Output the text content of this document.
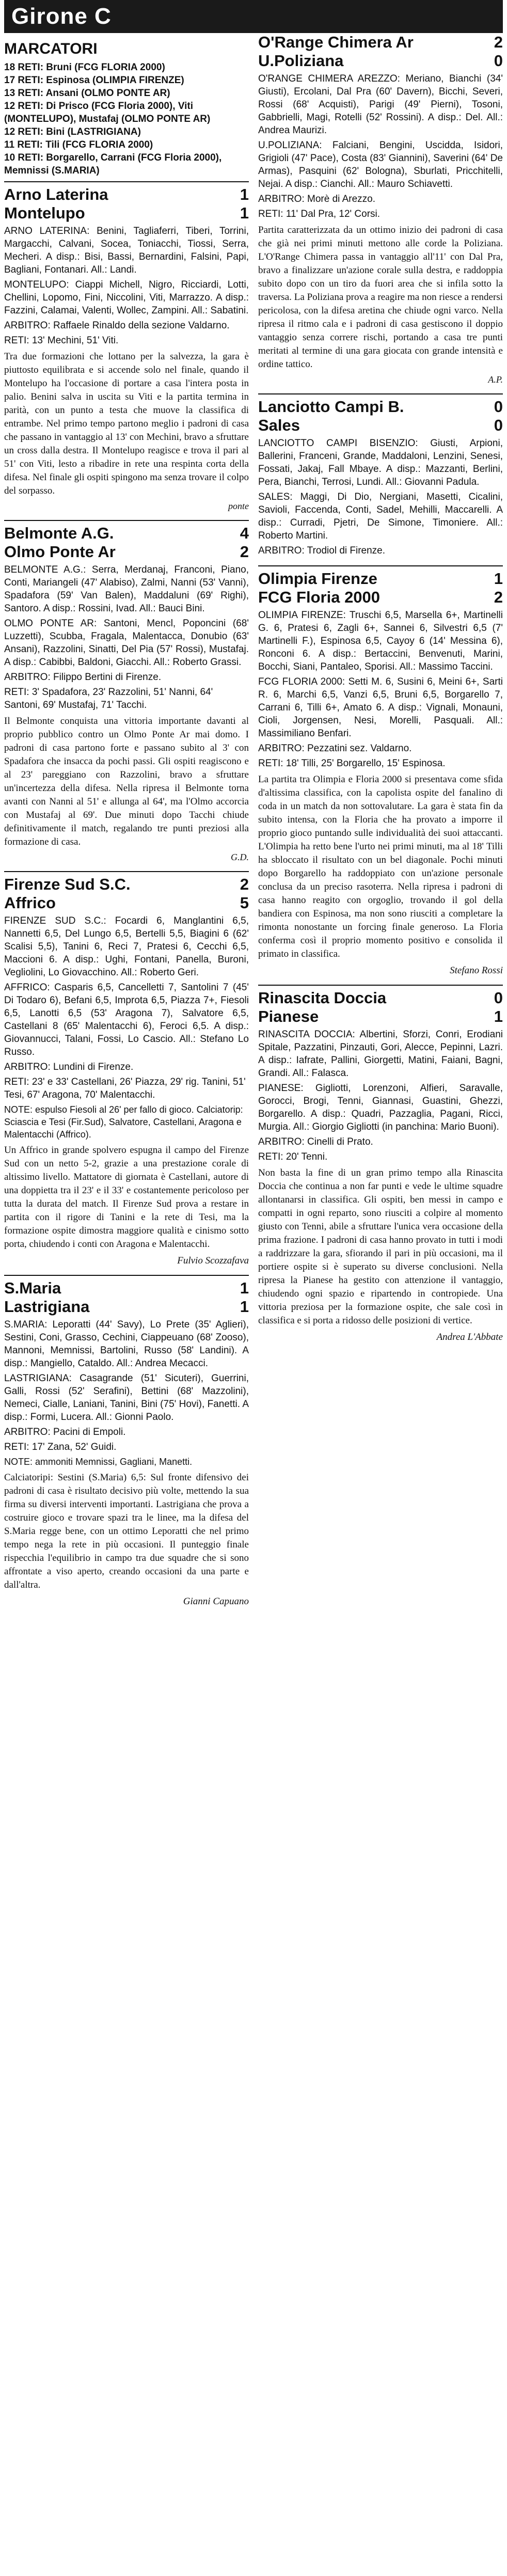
Girone C
MARCATORI
18 RETI: Bruni (FCG FLORIA 2000)
17 RETI: Espinosa (OLIMPIA FIRENZE)
13 RETI: Ansani (OLMO PONTE AR)
12 RETI: Di Prisco (FCG Floria 2000), Viti (MONTELUPO), Mustafaj (OLMO PONTE AR)
12 RETI: Bini (LASTRIGIANA)
11 RETI: Tili (FCG FLORIA 2000)
10 RETI: Borgarello, Carrani (FCG Floria 2000), Memnissi (S.MARIA)
Arno Laterina	1
Montelupo	1

ARNO LATERINA: Benini, Tagliaferri, Tiberi, Torrini, Margacchi, Calvani, Socea, Toniacchi, Tiossi, Serra, Mecheri. A disp.: Bisi, Bassi, Bernardini, Falsini, Papi, Bagliani, Fontanari. All.: Landi.

MONTELUPO: Ciappi Michell, Nigro, Ricciardi, Lotti, Chellini, Lopomo, Fini, Niccolini, Viti, Marrazzo. A disp.: Fazzini, Calamai, Valenti, Wollec, Zampini. All.: Sabatini.

ARBITRO: Raffaele Rinaldo della sezione Valdarno.

RETI: 13' Mechini, 51' Viti.

Tra due formazioni che lottano per la salvezza, la gara è piuttosto equilibrata e si accende solo nel finale, quando il Montelupo ha l'occasione di portare a casa l'intera posta in palio. Benini salva in uscita su Viti e la partita termina in parità, con un punto a testa che muove la classifica di entrambe. Nel primo tempo partono meglio i padroni di casa che passano in vantaggio al 13' con Mechini, bravo a sfruttare un cross dalla destra. Il Montelupo reagisce e trova il pari al 51' con Viti, lesto a ribadire in rete una respinta corta della difesa. Nel finale gli ospiti spingono ma senza trovare il colpo del sorpasso.

ponte
Belmonte A.G.	4
Olmo Ponte Ar	2

BELMONTE A.G.: Serra, Merdanaj, Franconi, Piano, Conti, Mariangeli (47' Alabiso), Zalmi, Nanni (53' Vanni), Spadafora (59' Van Balen), Maddaluni (69' Righi), Santoro. A disp.: Rossini, Ivad. All.: Bauci Bini.

OLMO PONTE AR: Santoni, Mencl, Poponcini (68' Luzzetti), Scubba, Fragala, Malentacca, Donubio (63' Ansani), Razzolini, Sinatti, Del Pia (57' Rossi), Mustafaj. A disp.: Cabibbi, Baldoni, Giacchi. All.: Roberto Grassi.

ARBITRO: Filippo Bertini di Firenze.

RETI: 3' Spadafora, 23' Razzolini, 51' Nanni, 64' Santoni, 69' Mustafaj, 71' Tacchi.

Il Belmonte conquista una vittoria importante davanti al proprio pubblico contro un Olmo Ponte Ar mai domo. I padroni di casa partono forte e passano subito al 3' con Spadafora che insacca da pochi passi. Gli ospiti reagiscono e al 23' pareggiano con Razzolini, bravo a sfruttare un'incertezza della difesa. Nella ripresa il Belmonte torna avanti con Nanni al 51' e allunga al 64', ma l'Olmo accorcia con Mustafaj al 69'. Due minuti dopo Tacchi chiude definitivamente il match, regalando tre punti preziosi alla formazione di casa.

G.D.
Firenze Sud S.C.	2
Affrico	5

FIRENZE SUD S.C.: Focardi 6, Manglantini 6,5, Nannetti 6,5, Del Lungo 6,5, Bertelli 5,5, Biagini 6 (62' Scalisi 5,5), Tanini 6, Reci 7, Pratesi 6, Cecchi 6,5, Maccioni 6. A disp.: Ughi, Fontani, Panella, Buroni, Vegliolini, Lo Giovacchino. All.: Roberto Geri.

AFFRICO: Casparis 6,5, Cancelletti 7, Santolini 7 (45' Di Todaro 6), Befani 6,5, Improta 6,5, Piazza 7+, Fiesoli 6,5, Lanotti 6,5 (53' Aragona 7), Salvatore 6,5, Castellani 8 (65' Malentacchi 6), Feroci 6,5. A disp.: Giovannucci, Talani, Fossi, Lo Cascio. All.: Stefano Lo Russo.

ARBITRO: Lundini di Firenze.

RETI: 23' e 33' Castellani, 26' Piazza, 29' rig. Tanini, 51' Tesi, 67' Aragona, 70' Malentacchi.

NOTE: espulso Fiesoli al 26' per fallo di gioco. Calciatorip: Sciascia e Tesi (Fir.Sud), Salvatore, Castellani, Aragona e Malentacchi (Affrico).

Un Affrico in grande spolvero espugna il campo del Firenze Sud con un netto 5-2, grazie a una prestazione corale di altissimo livello. Mattatore di giornata è Castellani, autore di una doppietta tra il 23' e il 33' e costantemente pericoloso per tutta la durata del match. Il Firenze Sud prova a restare in partita con il rigore di Tanini e la rete di Tesi, ma la formazione ospite dimostra maggiore qualità e cinismo sotto porta, chiudendo i conti con Aragona e Malentacchi.

Fulvio Scozzafava
S.Maria	1
Lastrigiana	1

S.MARIA: Leporatti (44' Savy), Lo Prete (35' Aglieri), Sestini, Coni, Grasso, Cechini, Ciappeuano (68' Zooso), Mannoni, Memnissi, Bartolini, Russo (58' Landini). A disp.: Mangiello, Cataldo. All.: Andrea Mecacci.

LASTRIGIANA: Casagrande (51' Sicuteri), Guerrini, Galli, Rossi (52' Serafini), Bettini (68' Mazzolini), Nemeci, Cialle, Laniani, Tanini, Bini (75' Hovi), Fanetti. A disp.: Formi, Lucera. All.: Gionni Paolo.

ARBITRO: Pacini di Empoli.

RETI: 17' Zana, 52' Guidi.

NOTE: ammoniti Memnissi, Gagliani, Manetti.

Calciatoripi: Sestini (S.Maria) 6,5: Sul fronte difensivo dei padroni di casa è risultato decisivo più volte, mettendo la sua firma su diversi interventi importanti. Lastrigiana che prova a costruire gioco e trovare spazi tra le linee, ma la difesa del S.Maria regge bene, con un ottimo Leporatti che nel primo tempo nega la rete in più occasioni. Il punteggio finale rispecchia l'equilibrio in campo tra due squadre che si sono affrontate a viso aperto, creando occasioni da una parte e dall'altra.

Gianni Capuano
O'Range Chimera Ar	2
U.Poliziana	0

O'RANGE CHIMERA AREZZO: Meriano, Bianchi (34' Giusti), Ercolani, Dal Pra (60' Davern), Bicchi, Severi, Rossi (68' Acquisti), Parigi (49' Pierni), Tosoni, Gabbrielli, Magi, Rotelli (52' Rossini). A disp.: Del. All.: Andrea Maurizi.

U.POLIZIANA: Falciani, Bengini, Uscidda, Isidori, Grigioli (47' Pace), Costa (83' Giannini), Saverini (64' De Armas), Pasquini (62' Bologna), Sburlati, Pricchitelli, Nejai. A disp.: Cianchi. All.: Mauro Schiavetti.

ARBITRO: Morè di Arezzo.

RETI: 11' Dal Pra, 12' Corsi.

Partita caratterizzata da un ottimo inizio dei padroni di casa che già nei primi minuti mettono alle corde la Poliziana. L'O'Range Chimera passa in vantaggio all'11' con Dal Pra, bravo a finalizzare un'azione corale sulla destra, e raddoppia subito dopo con un tiro da fuori area che si infila sotto la traversa. La Poliziana prova a reagire ma non riesce a rendersi pericolosa, con la difesa aretina che chiude ogni varco. Nella ripresa il ritmo cala e i padroni di casa gestiscono il doppio vantaggio senza correre rischi, portando a casa tre punti meritati al termine di una gara giocata con grande intensità e ordine tattico.

A.P.
Lanciotto Campi B.	0
Sales	0

LANCIOTTO CAMPI BISENZIO: Giusti, Arpioni, Ballerini, Franceni, Grande, Maddaloni, Lenzini, Senesi, Fossati, Jakaj, Fall Mbaye. A disp.: Mazzanti, Berlini, Pera, Bianchi, Terrosi, Lundi. All.: Giovanni Padula.

SALES: Maggi, Di Dio, Nergiani, Masetti, Cicalini, Savioli, Faccenda, Conti, Sadel, Mehilli, Maccarelli. A disp.: Curradi, Pjetri, De Simone, Timoniere. All.: Roberto Martini.

ARBITRO: Trodiol di Firenze.

Olimpia Firenze	1
FCG Floria 2000	2

OLIMPIA FIRENZE: Truschi 6,5, Marsella 6+, Martinelli G. 6, Pratesi 6, Zagli 6+, Sannei 6, Silvestri 6,5 (7' Martinelli F.), Espinosa 6,5, Cayoy 6 (14' Messina 6), Ronconi 6. A disp.: Bertaccini, Benvenuti, Marini, Bocchi, Siani, Pantaleo, Sporisi. All.: Massimo Taccini.

FCG FLORIA 2000: Setti M. 6, Susini 6, Meini 6+, Sarti R. 6, Marchi 6,5, Vanzi 6,5, Bruni 6,5, Borgarello 7, Carrani 6, Tilli 6+, Amato 6. A disp.: Vignali, Monauni, Cioli, Jorgensen, Nesi, Morelli, Pasquali. All.: Massimiliano Benfari.

ARBITRO: Pezzatini sez. Valdarno.

RETI: 18' Tilli, 25' Borgarello, 15' Espinosa.

La partita tra Olimpia e Floria 2000 si presentava come sfida d'altissima classifica, con la capolista ospite del fanalino di coda in un match da non sottovalutare. La gara è stata fin da subito intensa, con la Floria che ha provato a imporre il proprio gioco puntando sulle individualità dei suoi attaccanti. L'Olimpia ha retto bene l'urto nei primi minuti, ma al 18' Tilli ha sbloccato il risultato con un bel diagonale. Pochi minuti dopo Borgarello ha raddoppiato con un'azione personale conclusa da un preciso rasoterra. Nella ripresa i padroni di casa hanno reagito con orgoglio, trovando il gol della bandiera con Espinosa, ma non sono riusciti a completare la rimonta nonostante un forcing finale generoso. La Floria conferma così il proprio momento positivo e consolida il primato in classifica.

Stefano Rossi
Rinascita Doccia	0
Pianese	1

RINASCITA DOCCIA: Albertini, Sforzi, Conri, Erodiani Spitale, Pazzatini, Pinzauti, Gori, Alecce, Pepinni, Lazri. A disp.: Iafrate, Pallini, Giorgetti, Matini, Faiani, Bagni, Grandi. All.: Falasca.

PIANESE: Gigliotti, Lorenzoni, Alfieri, Saravalle, Gorocci, Brogi, Tenni, Giannasi, Guastini, Ghezzi, Borgarello. A disp.: Quadri, Pazzaglia, Pagani, Ricci, Murgia. All.: Giorgio Gigliotti (in panchina: Mario Buoni).

ARBITRO: Cinelli di Prato.

RETI: 20' Tenni.

Non basta la fine di un gran primo tempo alla Rinascita Doccia che continua a non far punti e vede le ultime squadre allontanarsi in classifica. Gli ospiti, ben messi in campo e compatti in ogni reparto, sono riusciti a colpire al momento giusto con Tenni, abile a sfruttare l'unica vera occasione della prima frazione. I padroni di casa hanno provato in tutti i modi a raddrizzare la gara, sfiorando il pari in più occasioni, ma il portiere ospite si è superato su diverse conclusioni. Nella ripresa la Pianese ha gestito con attenzione il vantaggio, chiudendo ogni spazio e ripartendo in contropiede. Una vittoria preziosa per la formazione ospite, che sale così in classifica e si porta a ridosso delle posizioni di vertice.

Andrea L'Abbate
